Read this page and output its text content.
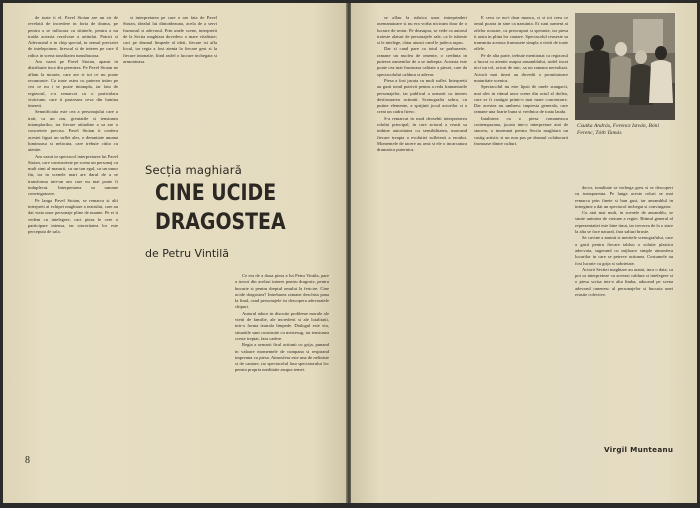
de toate ii el, Pavel Stoian are un sir de revelatii de incredere in forta de drama, pe pentru a se inflacara cu stiintele, pentru a nu traida aceasta rezolvare a artitului. Patrici si Adevaratul e in chip special, in sensul preciziei de intelepciune, firescul si de interes pe care il ridica in scena tonalitatea tumultuoasa.

Am vazut pe Pavel Stoian, aparut in distributie inca din premiera. Pe Pavel Stoian ne aflam la moarte, care are si tot ce nu poate recunoaste. Ca toate astea cu puterea intim pe cea ce nu i se poate intampla, iar fata de regizorul, s-a remarcat cu o particulara vioiciune, care ii pastreaza ceva din lumina tinereti.

Semnificatia este cea a personajului care a trait, ca un om, greutatile si tensiunea intamplarilor, iar fiecare atitudine a sa are o concretete precisa. Pavel Stoian ii confera acestei figuri un suflet ales, o demnitate umana luminoasa si nefacuta, care trebuie citita cu atentie.

Am vazut in spectacol interpretarea lui Pavel Stoian, care construieste pe scena un personaj cu mult simt al masurii, cu un ton egal, cu un umor fin, iar in scenele mari are darul de a se transforma intr-un om care nu mai poate fi induplecat. Interpretarea sa ramane convingatoare.

Pe langa Pavel Stoian, se remarca si alti interpreti ai echipei maghiare a teatrului, care au dat viata unor personaje pline de nuante. Pe ei ii vedem cu intelegere, caci piesa le cere o participare intensa, iar sinceritatea lor este perceputa de sala.

si interpretarea pe care o are fata de Pavel Stoian, idealul lui dintotdeauna, acela de a servi frumosul si adevarul. Prin unele scene, interpretii de la Sectia maghiara dovedesc o mare vitalitate; caci pe drumul limpede al ideii, fiecare isi afla locul, iar regia a fost atenta la fiecare gest si la fiecare intonatie, fiind astfel o lucrare inchegata si armonioasa.

Secția maghiară
CINE UCIDE
DRAGOSTEA
de Petru Vintilă

Ce era de a doua piesa a lui Petru Vintila, pare a izvori din acelasi interes pentru dragoste, pentru bucurie si pentru dreptul omului la fericire. Cine ucide dragostea? Intrebarea ramane deschisa pana la final, cand personajele isi descopera adevaratele chipuri.

Autorul aduce in discutie probleme morale ale vietii de familie, ale increderii si ale loialitatii, intr-o forma teatrala limpede. Dialogul este viu, situatiile sunt construite cu mestesug, iar tensiunea creste treptat, fara cadere.

Regia a urmarit firul actiunii cu grija, punand in valoare momentele de cumpana si respirand impreuna cu piesa. Atmosfera este una de neliniste si de cautare, iar spectacolul lasa spectatorului loc pentru propria meditatie asupra temei.

8

se aflau la rubrica unor intreprinderi asemanatoare si nu era vorba nicicum doar de o lucrare de sertar. Pe deasupra, se vede ca autorul traieste alaturi de personajele sale, ca le iubeste si le intelege, chiar atunci cand le judeca aspru.

Dar si cand pare ca totul se prabuseste, ramane un nucleu de omenie, o credinta in puterea oamenilor de a se indrepta. Aceasta este poate cea mai frumoasa calitate a piesei, care da spectacolului caldura si adevar.

Piesa a fost jucata cu mult suflet. Interpretii au gasit tonul potrivit pentru a reda framantarile personajelor, iar publicul a urmarit cu interes desfasurarea actiunii. Scenografia sobra, cu putine elemente, a sprijinit jocul actorilor si a creat un cadru firesc.

S-a remarcat in mod deosebit interpretarea rolului principal, in care actorul a reusit sa imbine autoritatea cu sensibilitatea, marcand fiecare treapta a evolutiei sufletesti a eroului. Momentele de tacere au avut si ele o incarcatura dramatica puternica.

E ceva ce nu-i doar munca, ci si tot ceea ce omul poarta in sine ca nazuinta. Ei sunt oameni ai zilelor noastre, cu preocupari si sperante, iar piesa ii arata in plina lor cautare. Spectacolul reuseste sa transmita aceasta frumusete simpla a vietii de toate zilele.

Pe de alta parte, trebuie mentionat ca regizorul a lucrat cu atentie asupra ansamblului, astfel incat nici un rol, oricat de mic, sa nu ramana nerealizat. Actorii mai tineri au dovedit o promitatoare maturitate scenica.

Spectacolul nu este lipsit de unele stangacii, mai ales in ritmul unor scene din actul al doilea, care ar fi castigat printr-o mai mare concentrare. Dar acestea nu umbresc impresia generala, care ramane una foarte buna si vrednica de toata lauda.

Intalnirea cu o piesa romaneasca contemporana, jucata intr-o interpretare atat de sincera, a insemnat pentru Sectia maghiara un castig artistic si un nou pas pe drumul colaborarii frumoase dintre culturi.

Csutka András, Ferencz István, Bóni Ferenc, Tóth Tamás

decor, tonalitate se inchega greu si se descoperi cu transparenta. Pe langa aceste roluri se mai remarca prin finete si bun gust, iar ansamblul in intregime a dat un spectacol inchegat si convingator.

Cu atat mai mult, in scenele de ansamblu, se simte unitatea de viziune a regiei. Ritmul general al reprezentatiei este bine tinut, iar trecerea de la o stare la alta se face natural, fara salturi bruste.

Se cuvine a aminti si meritele scenografului, care a gasit pentru fiecare tablou o solutie plastica adecvata, sugerand cu mijloace simple atmosfera locurilor in care se petrece actiunea. Costumele au fost lucrate cu grija si sobrietate.

Actorii Sectiei maghiare au aratat, inca o data, ca pot sa interpreteze cu aceeasi caldura si intelegere si o piesa scrisa intr-o alta limba, aducand pe scena adevarul omenesc al personajelor si bucuria unei reusite colective.

Virgil Munteanu
